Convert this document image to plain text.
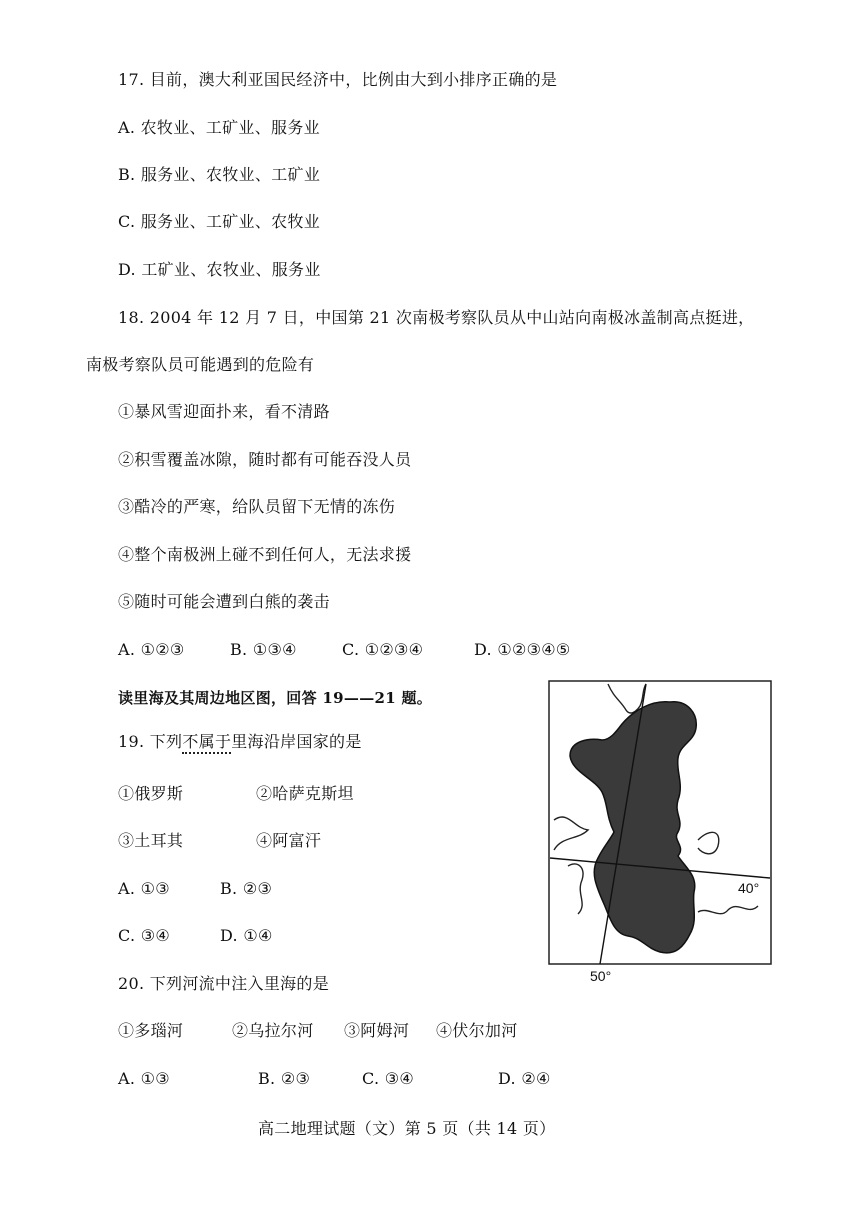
17. 目前，澳大利亚国民经济中，比例由大到小排序正确的是
A. 农牧业、工矿业、服务业
B. 服务业、农牧业、工矿业
C. 服务业、工矿业、农牧业
D. 工矿业、农牧业、服务业
18. 2004 年 12 月 7 日，中国第 21 次南极考察队员从中山站向南极冰盖制高点挺进，
南极考察队员可能遇到的危险有
①暴风雪迎面扑来，看不清路
②积雪覆盖冰隙，随时都有可能吞没人员
③酷冷的严寒，给队员留下无情的冻伤
④整个南极洲上碰不到任何人，无法求援
⑤随时可能会遭到白熊的袭击
A. ①②③	B. ①③④	C. ①②③④	D. ①②③④⑤
读里海及其周边地区图，回答 19——21 题。
19. 下列不属于里海沿岸国家的是
①俄罗斯	②哈萨克斯坦
③土耳其	④阿富汗
A. ①③	B. ②③
C. ③④	D. ①④
20. 下列河流中注入里海的是
①多瑙河	②乌拉尔河 ③阿姆河 ④伏尔加河
A. ①③	B. ②③	C. ③④	D. ②④
40°
50°
高二地理试题（文）第 5 页（共 14 页）
